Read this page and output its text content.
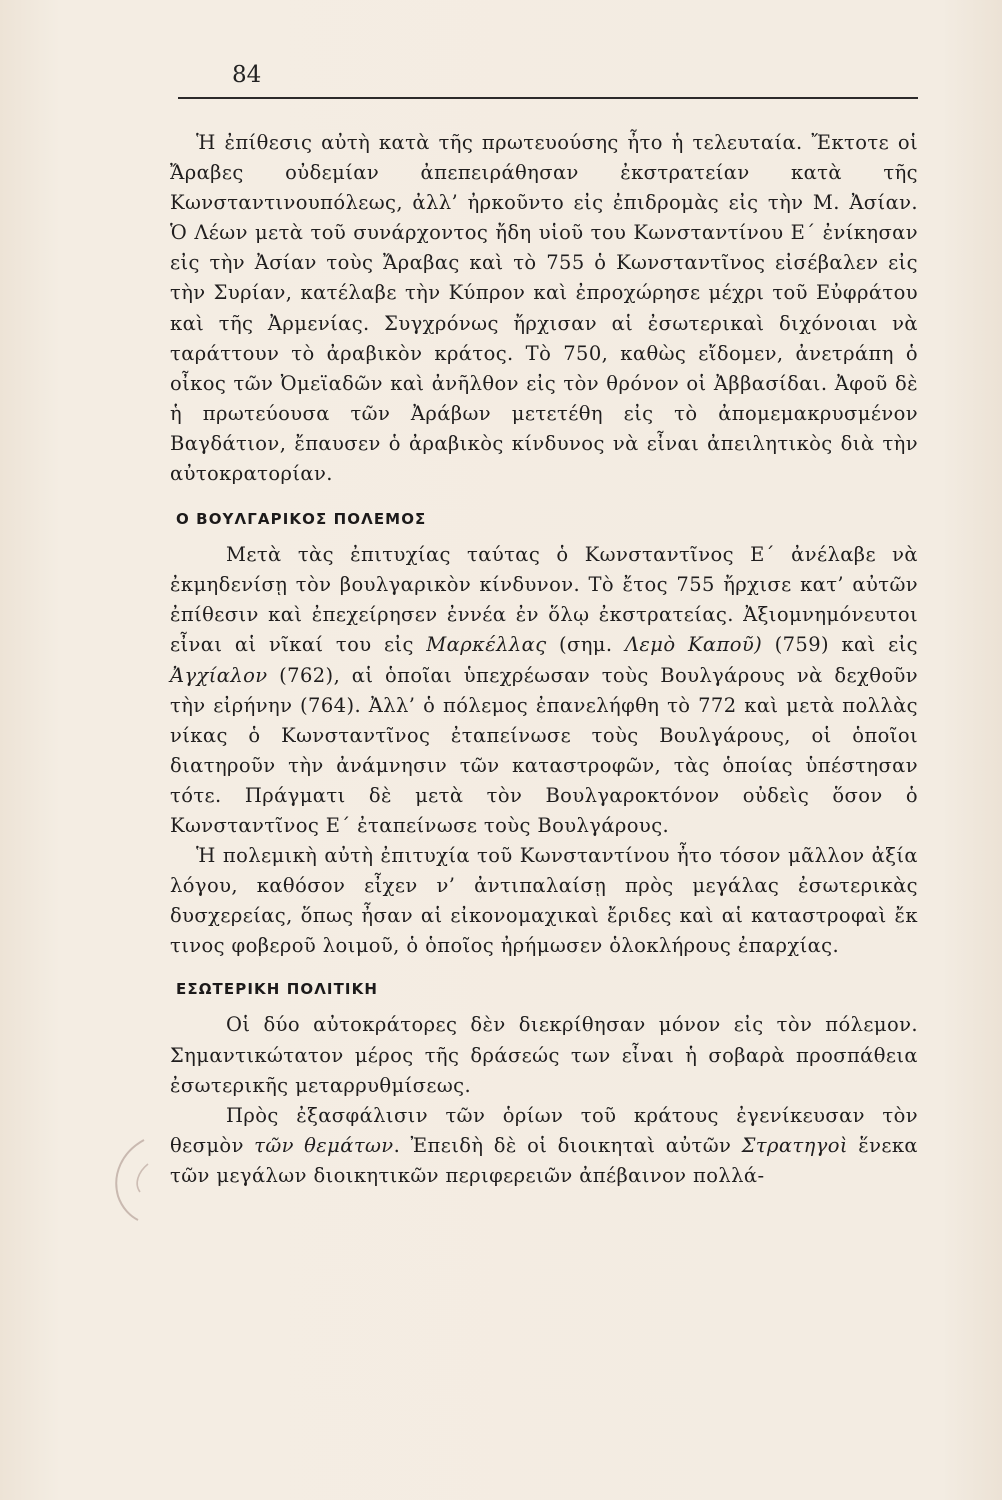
84

Ἡ ἐπίθεσις αὐτὴ κατὰ τῆς πρωτευούσης ἦτο ἡ τελευταία. Ἔκτοτε οἱ Ἄραβες οὐδεμίαν ἀπεπειράθησαν ἐκστρατείαν κατὰ τῆς Κωνσταντινουπόλεως, ἀλλ’ ἠρκοῦντο εἰς ἐπιδρομὰς εἰς τὴν Μ. Ἀσίαν. Ὁ Λέων μετὰ τοῦ συνάρχοντος ἤδη υἱοῦ του Κωνσταντίνου Ε΄ ἐνίκησαν εἰς τὴν Ἀσίαν τοὺς Ἄραβας καὶ τὸ 755 ὁ Κωνσταντῖνος εἰσέβαλεν εἰς τὴν Συρίαν, κατέλαβε τὴν Κύπρον καὶ ἐπροχώρησε μέχρι τοῦ Εὐφράτου καὶ τῆς Ἀρμενίας. Συγχρόνως ἤρχισαν αἱ ἐσωτερικαὶ διχόνοιαι νὰ ταράττουν τὸ ἀραβικὸν κράτος. Τὸ 750, καθὼς εἴδομεν, ἀνετράπη ὁ οἶκος τῶν Ὀμεϊαδῶν καὶ ἀνῆλθον εἰς τὸν θρόνον οἱ Ἀββασίδαι. Ἀφοῦ δὲ ἡ πρωτεύουσα τῶν Ἀράβων μετετέθη εἰς τὸ ἀπομεμακρυσμένον Βαγδάτιον, ἔπαυσεν ὁ ἀραβικὸς κίνδυνος νὰ εἶναι ἀπειλητικὸς διὰ τὴν αὐτοκρατορίαν.

Ο ΒΟΥΛΓΑΡΙΚΟΣ ΠΟΛΕΜΟΣ

Μετὰ τὰς ἐπιτυχίας ταύτας ὁ Κωνσταντῖνος Ε΄ ἀνέλαβε νὰ ἐκμηδενίσῃ τὸν βουλγαρικὸν κίνδυνον. Τὸ ἔτος 755 ἤρχισε κατ’ αὐτῶν ἐπίθεσιν καὶ ἐπεχείρησεν ἐννέα ἐν ὅλῳ ἐκστρατείας. Ἀξιομνημόνευτοι εἶναι αἱ νῖκαί του εἰς Μαρκέλλας (σημ. Λεμὸ Καποῦ) (759) καὶ εἰς Ἀγχίαλον (762), αἱ ὁποῖαι ὑπεχρέωσαν τοὺς Βουλγάρους νὰ δεχθοῦν τὴν εἰρήνην (764). Ἀλλ’ ὁ πόλεμος ἐπανελήφθη τὸ 772 καὶ μετὰ πολλὰς νίκας ὁ Κωνσταντῖνος ἐταπείνωσε τοὺς Βουλγάρους, οἱ ὁποῖοι διατηροῦν τὴν ἀνάμνησιν τῶν καταστροφῶν, τὰς ὁποίας ὑπέστησαν τότε. Πράγματι δὲ μετὰ τὸν Βουλγαροκτόνον οὐδεὶς ὅσον ὁ Κωνσταντῖνος Ε΄ ἐταπείνωσε τοὺς Βουλγάρους.

Ἡ πολεμικὴ αὐτὴ ἐπιτυχία τοῦ Κωνσταντίνου ἦτο τόσον μᾶλλον ἀξία λόγου, καθόσον εἶχεν ν’ ἀντιπαλαίσῃ πρὸς μεγάλας ἐσωτερικὰς δυσχερείας, ὅπως ἦσαν αἱ εἰκονομαχικαὶ ἔριδες καὶ αἱ καταστροφαὶ ἔκ τινος φοβεροῦ λοιμοῦ, ὁ ὁποῖος ἠρήμωσεν ὁλοκλήρους ἐπαρχίας.

ΕΣΩΤΕΡΙΚΗ ΠΟΛΙΤΙΚΗ

Οἱ δύο αὐτοκράτορες δὲν διεκρίθησαν μόνον εἰς τὸν πόλεμον. Σημαντικώτατον μέρος τῆς δράσεώς των εἶναι ἡ σοβαρὰ προσπάθεια ἐσωτερικῆς μεταρρυθμίσεως.

Πρὸς ἐξασφάλισιν τῶν ὁρίων τοῦ κράτους ἐγενίκευσαν τὸν θεσμὸν τῶν θεμάτων. Ἐπειδὴ δὲ οἱ διοικηταὶ αὐτῶν Στρατηγοὶ ἕνεκα τῶν μεγάλων διοικητικῶν περιφερειῶν ἀπέβαινον πολλά-
